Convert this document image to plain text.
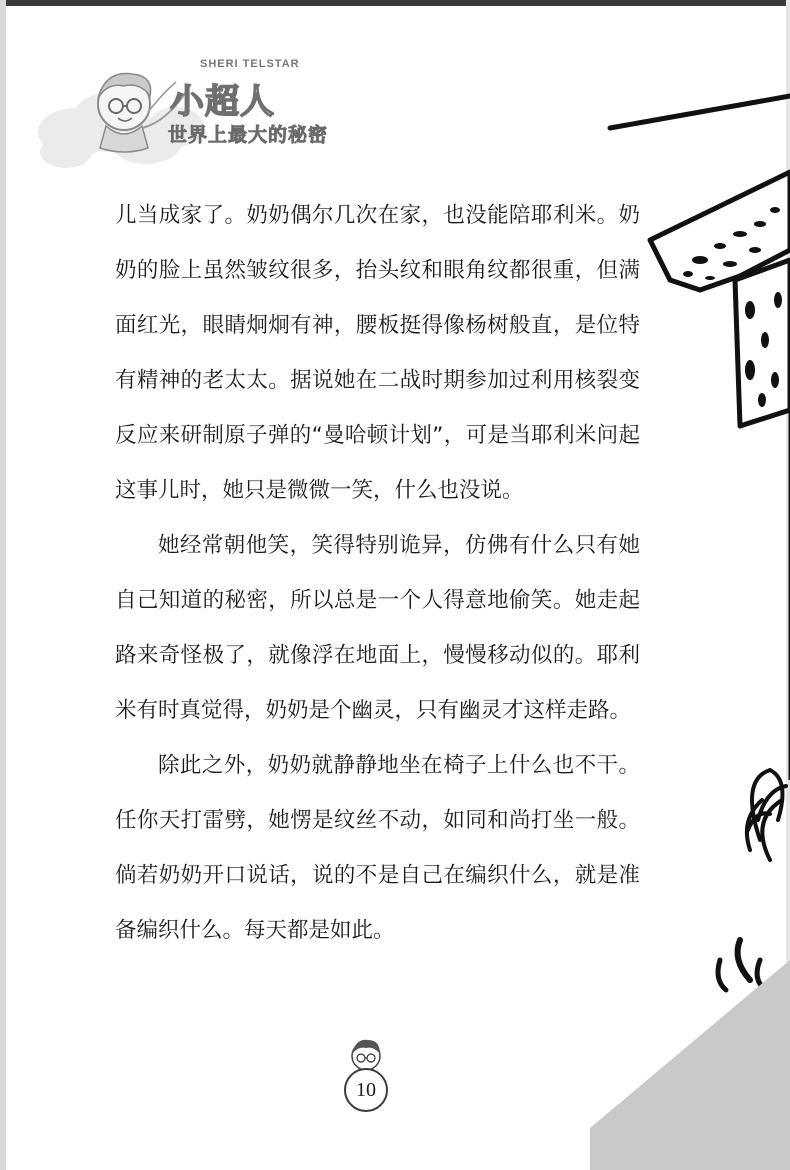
SHERI TELSTAR
小超人
世界上最大的秘密

儿当成家了。奶奶偶尔几次在家，也没能陪耶利米。奶奶的脸上虽然皱纹很多，抬头纹和眼角纹都很重，但满面红光，眼睛炯炯有神，腰板挺得像杨树般直，是位特有精神的老太太。据说她在二战时期参加过利用核裂变反应来研制原子弹的“曼哈顿计划”，可是当耶利米问起这事儿时，她只是微微一笑，什么也没说。

她经常朝他笑，笑得特别诡异，仿佛有什么只有她自己知道的秘密，所以总是一个人得意地偷笑。她走起路来奇怪极了，就像浮在地面上，慢慢移动似的。耶利米有时真觉得，奶奶是个幽灵，只有幽灵才这样走路。

除此之外，奶奶就静静地坐在椅子上什么也不干。任你天打雷劈，她愣是纹丝不动，如同和尚打坐一般。倘若奶奶开口说话，说的不是自己在编织什么，就是准备编织什么。每天都是如此。

10
